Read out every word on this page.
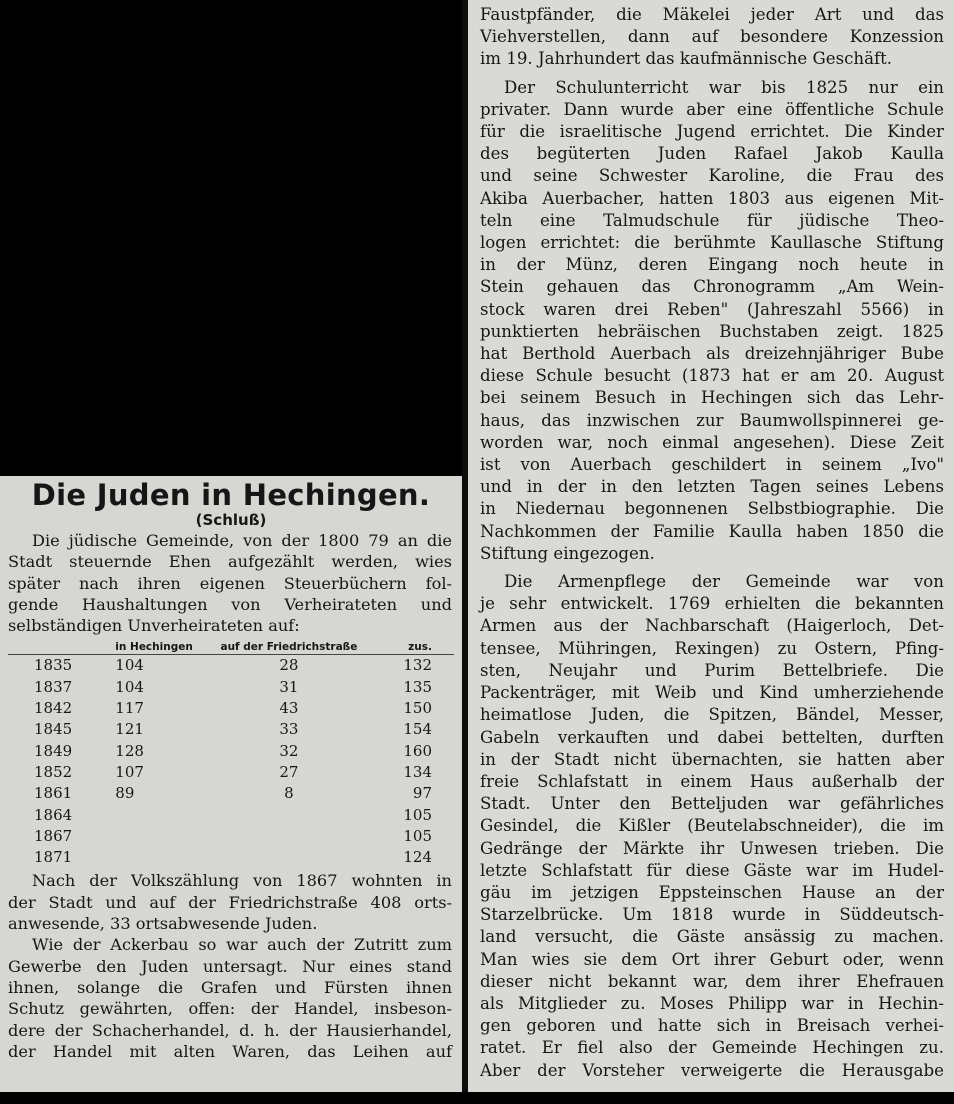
Die Juden in Hechingen.
(Schluß)
Die jüdische Gemeinde, von der 1800 79 an die
Stadt steuernde Ehen aufgezählt werden, wies
später nach ihren eigenen Steuerbüchern fol-
gende Haushaltungen von Verheirateten und
selbständigen Unverheirateten auf:
	in Hechingen	auf der Friedrichstraße	zus.
1835	104	28	132
1837	104	31	135
1842	117	43	150
1845	121	33	154
1849	128	32	160
1852	107	27	134
1861	89	8	97
1864			105
1867			105
1871			124
Nach der Volkszählung von 1867 wohnten in
der Stadt und auf der Friedrichstraße 408 orts-
anwesende, 33 ortsabwesende Juden.
Wie der Ackerbau so war auch der Zutritt zum
Gewerbe den Juden untersagt. Nur eines stand
ihnen, solange die Grafen und Fürsten ihnen
Schutz gewährten, offen: der Handel, insbeson-
dere der Schacherhandel, d. h. der Hausierhandel,
der Handel mit alten Waren, das Leihen auf
Faustpfänder, die Mäkelei jeder Art und das
Viehverstellen, dann auf besondere Konzession
im 19. Jahrhundert das kaufmännische Geschäft.
Der Schulunterricht war bis 1825 nur ein
privater. Dann wurde aber eine öffentliche Schule
für die israelitische Jugend errichtet. Die Kinder
des begüterten Juden Rafael Jakob Kaulla
und seine Schwester Karoline, die Frau des
Akiba Auerbacher, hatten 1803 aus eigenen Mit-
teln eine Talmudschule für jüdische Theo-
logen errichtet: die berühmte Kaullasche Stiftung
in der Münz, deren Eingang noch heute in
Stein gehauen das Chronogramm „Am Wein-
stock waren drei Reben" (Jahreszahl 5566) in
punktierten hebräischen Buchstaben zeigt. 1825
hat Berthold Auerbach als dreizehnjähriger Bube
diese Schule besucht (1873 hat er am 20. August
bei seinem Besuch in Hechingen sich das Lehr-
haus, das inzwischen zur Baumwollspinnerei ge-
worden war, noch einmal angesehen). Diese Zeit
ist von Auerbach geschildert in seinem „Ivo"
und in der in den letzten Tagen seines Lebens
in Niedernau begonnenen Selbstbiographie. Die
Nachkommen der Familie Kaulla haben 1850 die
Stiftung eingezogen.
Die Armenpflege der Gemeinde war von
je sehr entwickelt. 1769 erhielten die bekannten
Armen aus der Nachbarschaft (Haigerloch, Det-
tensee, Mühringen, Rexingen) zu Ostern, Pfing-
sten, Neujahr und Purim Bettelbriefe. Die
Packenträger, mit Weib und Kind umherziehende
heimatlose Juden, die Spitzen, Bändel, Messer,
Gabeln verkauften und dabei bettelten, durften
in der Stadt nicht übernachten, sie hatten aber
freie Schlafstatt in einem Haus außerhalb der
Stadt. Unter den Betteljuden war gefährliches
Gesindel, die Kißler (Beutelabschneider), die im
Gedränge der Märkte ihr Unwesen trieben. Die
letzte Schlafstatt für diese Gäste war im Hudel-
gäu im jetzigen Eppsteinschen Hause an der
Starzelbrücke. Um 1818 wurde in Süddeutsch-
land versucht, die Gäste ansässig zu machen.
Man wies sie dem Ort ihrer Geburt oder, wenn
dieser nicht bekannt war, dem ihrer Ehefrauen
als Mitglieder zu. Moses Philipp war in Hechin-
gen geboren und hatte sich in Breisach verhei-
ratet. Er fiel also der Gemeinde Hechingen zu.
Aber der Vorsteher verweigerte die Herausgabe
